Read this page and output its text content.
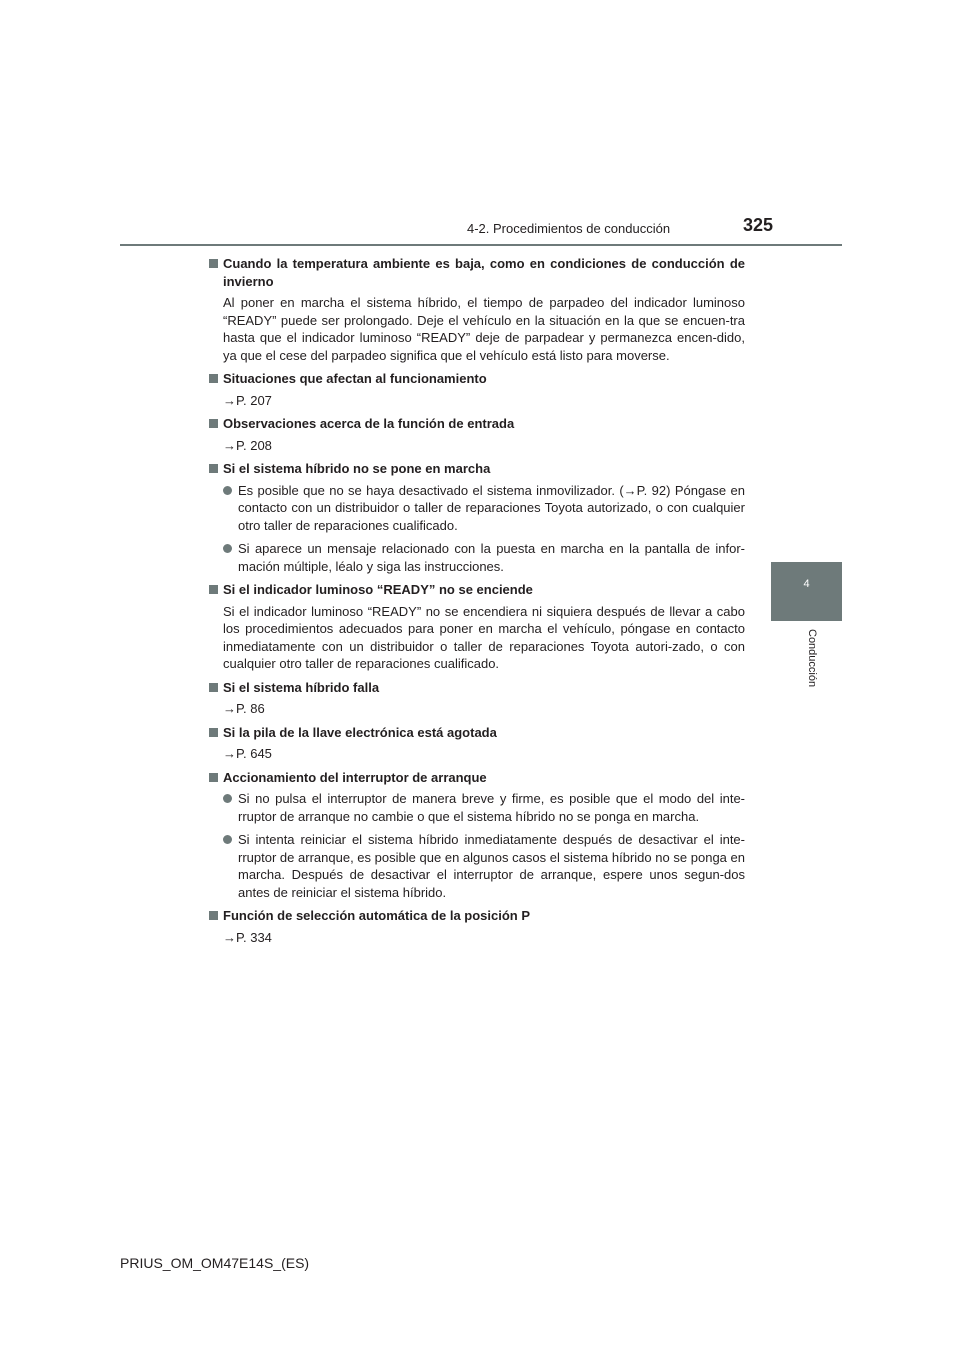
4-2. Procedimientos de conducción	325
4
Conducción
Cuando la temperatura ambiente es baja, como en condiciones de conducción de invierno
Al poner en marcha el sistema híbrido, el tiempo de parpadeo del indicador luminoso “READY” puede ser prolongado. Deje el vehículo en la situación en la que se encuen-tra hasta que el indicador luminoso “READY” deje de parpadear y permanezca encen-dido, ya que el cese del parpadeo significa que el vehículo está listo para moverse.
Situaciones que afectan al funcionamiento
→P. 207
Observaciones acerca de la función de entrada
→P. 208
Si el sistema híbrido no se pone en marcha
Es posible que no se haya desactivado el sistema inmovilizador. (→P. 92) Póngase en contacto con un distribuidor o taller de reparaciones Toyota autorizado, o con cualquier otro taller de reparaciones cualificado.
Si aparece un mensaje relacionado con la puesta en marcha en la pantalla de infor-mación múltiple, léalo y siga las instrucciones.
Si el indicador luminoso “READY” no se enciende
Si el indicador luminoso “READY” no se encendiera ni siquiera después de llevar a cabo los procedimientos adecuados para poner en marcha el vehículo, póngase en contacto inmediatamente con un distribuidor o taller de reparaciones Toyota autori-zado, o con cualquier otro taller de reparaciones cualificado.
Si el sistema híbrido falla
→P. 86
Si la pila de la llave electrónica está agotada
→P. 645
Accionamiento del interruptor de arranque
Si no pulsa el interruptor de manera breve y firme, es posible que el modo del inte-rruptor de arranque no cambie o que el sistema híbrido no se ponga en marcha.
Si intenta reiniciar el sistema híbrido inmediatamente después de desactivar el inte-rruptor de arranque, es posible que en algunos casos el sistema híbrido no se ponga en marcha. Después de desactivar el interruptor de arranque, espere unos segun-dos antes de reiniciar el sistema híbrido.
Función de selección automática de la posición P
→P. 334
PRIUS_OM_OM47E14S_(ES)
